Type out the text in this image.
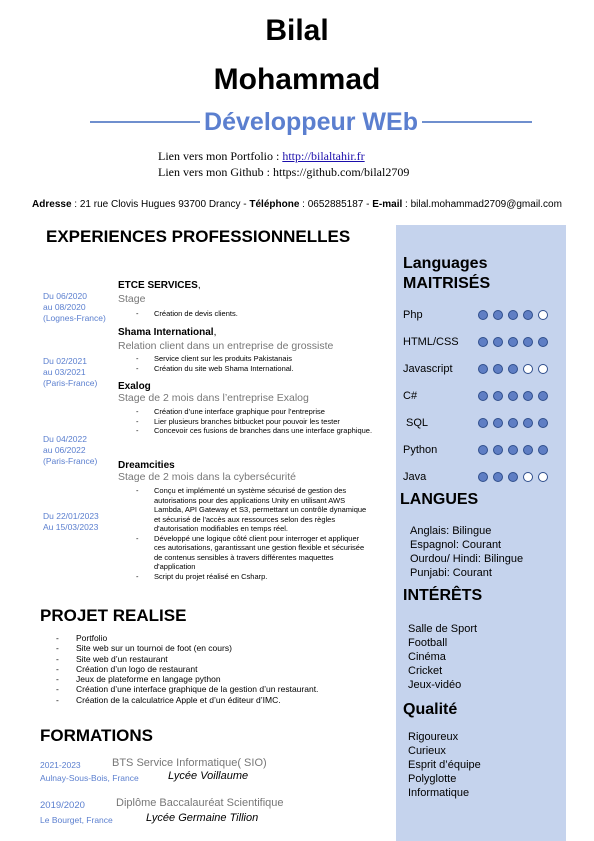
Bilal
Mohammad
Développeur WEb
Lien vers mon Portfolio : http://bilaltahir.fr
Lien vers mon Github : https://github.com/bilal2709
Adresse : 21 rue Clovis Hugues 93700 Drancy - Téléphone : 0652885187 - E-mail : bilal.mohammad2709@gmail.com
EXPERIENCES PROFESSIONNELLES
Du 06/2020
au 08/2020
(Lognes-France)
ETCE SERVICES,
Stage
- Création de devis clients.
Du 02/2021
au 03/2021
(Paris-France)
Shama International,
Relation client dans un entreprise de grossiste
- Service client sur les produits Pakistanais
- Création du site web Shama International.
Du 04/2022
au 06/2022
(Paris-France)
Exalog
Stage de 2 mois dans l’entreprise Exalog
- Création d’une interface graphique pour l’entreprise
- Lier plusieurs branches bitbucket pour pouvoir les tester
- Concevoir ces fusions de branches dans une interface graphique.
Du 22/01/2023
Au 15/03/2023
Dreamcities
Stage de 2 mois dans la cybersécurité
- Conçu et implémenté un système sécurisé de gestion des autorisations pour des applications Unity en utilisant AWS Lambda, API Gateway et S3, permettant un contrôle dynamique et sécurisé de l'accès aux ressources selon des règles d'autorisation modifiables en temps réel.
- Développé une logique côté client pour interroger et appliquer ces autorisations, garantissant une gestion flexible et sécurisée de contenus sensibles à travers différentes maquettes d'application
- Script du projet réalisé en Csharp.
PROJET REALISE
- Portfolio
- Site web sur un tournoi de foot (en cours)
- Site web d’un restaurant
- Création d’un logo de restaurant
- Jeux de plateforme en langage python
- Création d’une interface graphique de la gestion d’un restaurant.
- Création de la calculatrice Apple et d’un éditeur d’IMC.
FORMATIONS
2021-2023	BTS Service Informatique( SIO)
Aulnay-Sous-Bois, France	Lycée Voillaume
2019/2020	Diplôme Baccalauréat Scientifique
Le Bourget, France	Lycée Germaine Tillion
Languages
MAITRISÉS
Php
HTML/CSS
Javascript
C#
SQL
Python
Java
LANGUES
Anglais: Bilingue
Espagnol: Courant
Ourdou/ Hindi: Bilingue
Punjabi: Courant
INTÉRÊTS
Salle de Sport
Football
Cinéma
Cricket
Jeux-vidéo
Qualité
Rigoureux
Curieux
Esprit d’équipe
Polyglotte
Informatique
